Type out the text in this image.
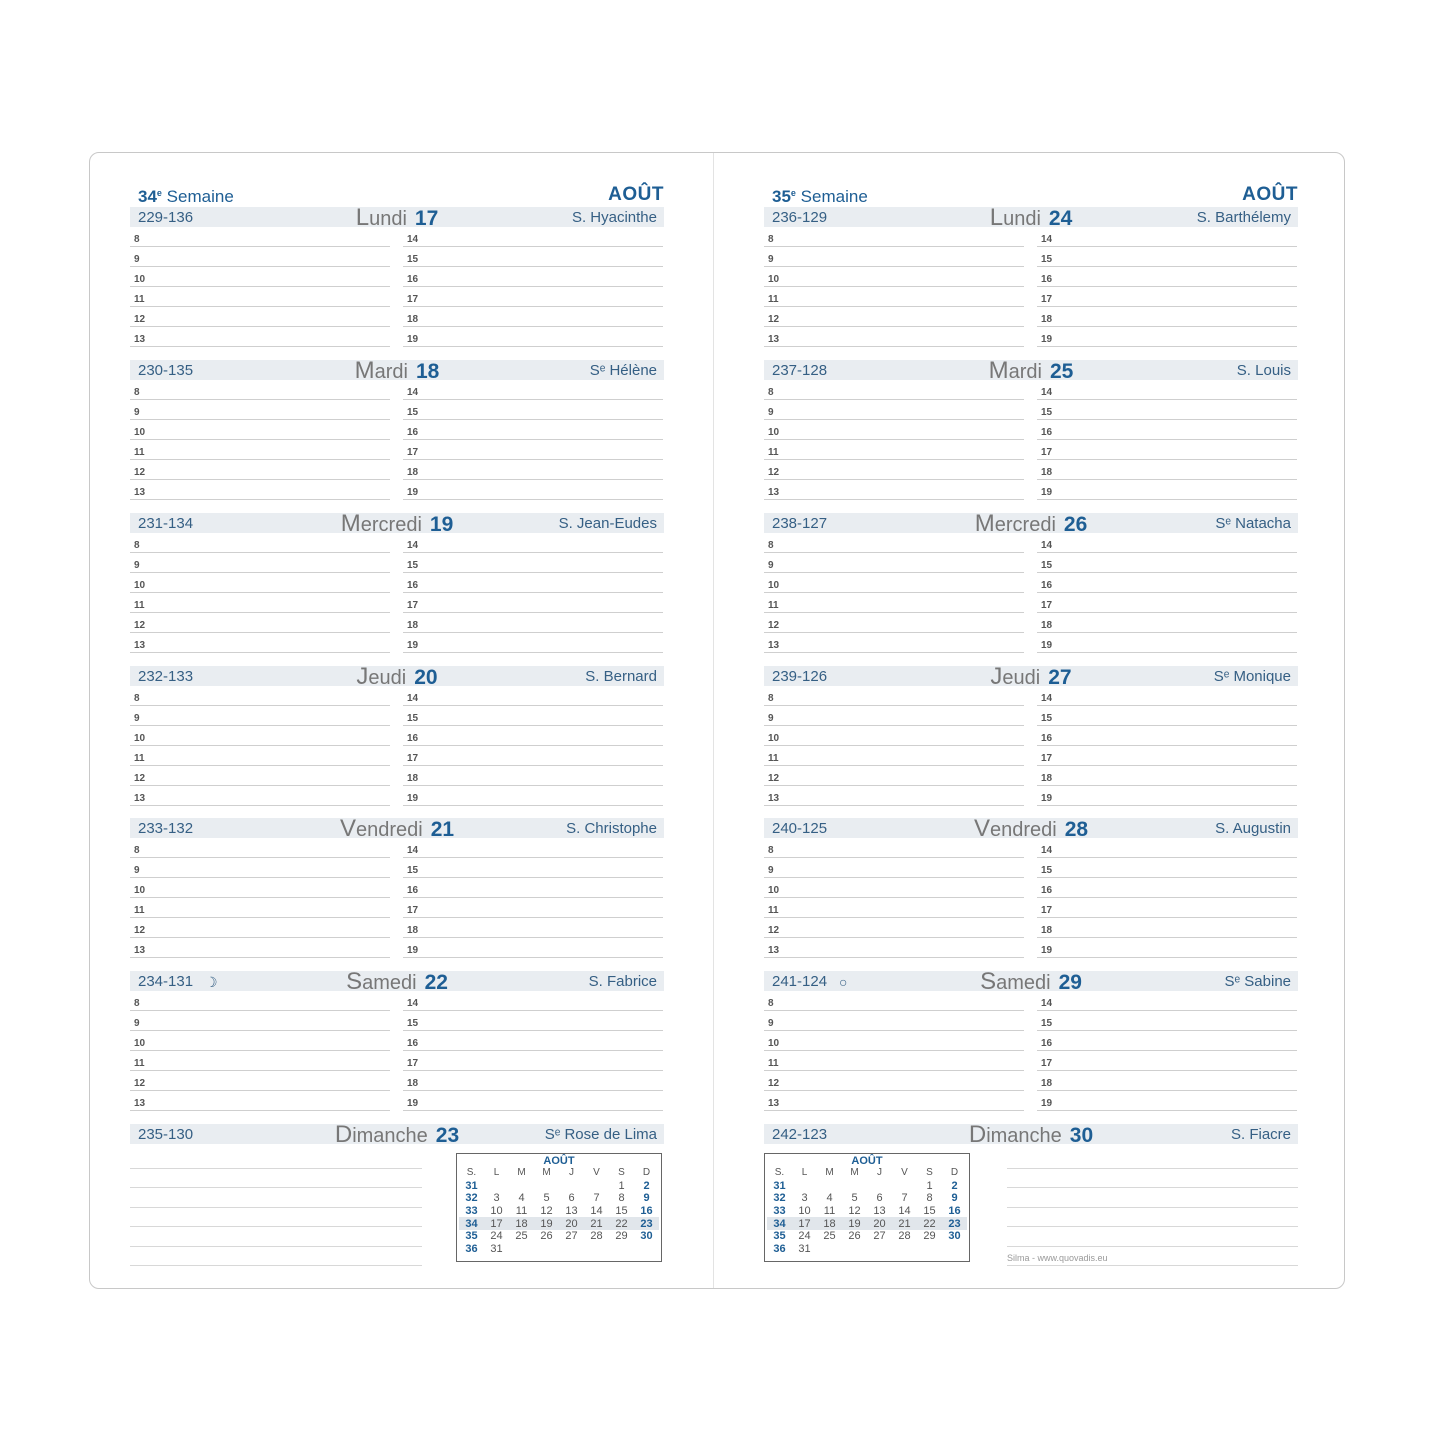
34e Semaine	AOÛT
229-136	Lundi 17	S. Hyacinthe
8
9
10
11
12
13
14
15
16
17
18
19
230-135	Mardi 18	Sᵉ Hélène
8
9
10
11
12
13
14
15
16
17
18
19
231-134	Mercredi 19	S. Jean-Eudes
8
9
10
11
12
13
14
15
16
17
18
19
232-133	Jeudi 20	S. Bernard
8
9
10
11
12
13
14
15
16
17
18
19
233-132	Vendredi 21	S. Christophe
8
9
10
11
12
13
14
15
16
17
18
19
234-131 ☽	Samedi 22	S. Fabrice
8
9
10
11
12
13
14
15
16
17
18
19
235-130	Dimanche 23	Sᵉ Rose de Lima
AOÛT
S.	L	M	M	J	V	S	D
31						1	2
32	3	4	5	6	7	8	9
33	10	11	12	13	14	15	16
34	17	18	19	20	21	22	23
35	24	25	26	27	28	29	30
36	31						
35e Semaine	AOÛT
236-129	Lundi 24	S. Barthélemy
8
9
10
11
12
13
14
15
16
17
18
19
237-128	Mardi 25	S. Louis
8
9
10
11
12
13
14
15
16
17
18
19
238-127	Mercredi 26	Sᵉ Natacha
8
9
10
11
12
13
14
15
16
17
18
19
239-126	Jeudi 27	Sᵉ Monique
8
9
10
11
12
13
14
15
16
17
18
19
240-125	Vendredi 28	S. Augustin
8
9
10
11
12
13
14
15
16
17
18
19
241-124 ○	Samedi 29	Sᵉ Sabine
8
9
10
11
12
13
14
15
16
17
18
19
242-123	Dimanche 30	S. Fiacre
AOÛT
S.	L	M	M	J	V	S	D
31						1	2
32	3	4	5	6	7	8	9
33	10	11	12	13	14	15	16
34	17	18	19	20	21	22	23
35	24	25	26	27	28	29	30
36	31						
Silma - www.quovadis.eu
